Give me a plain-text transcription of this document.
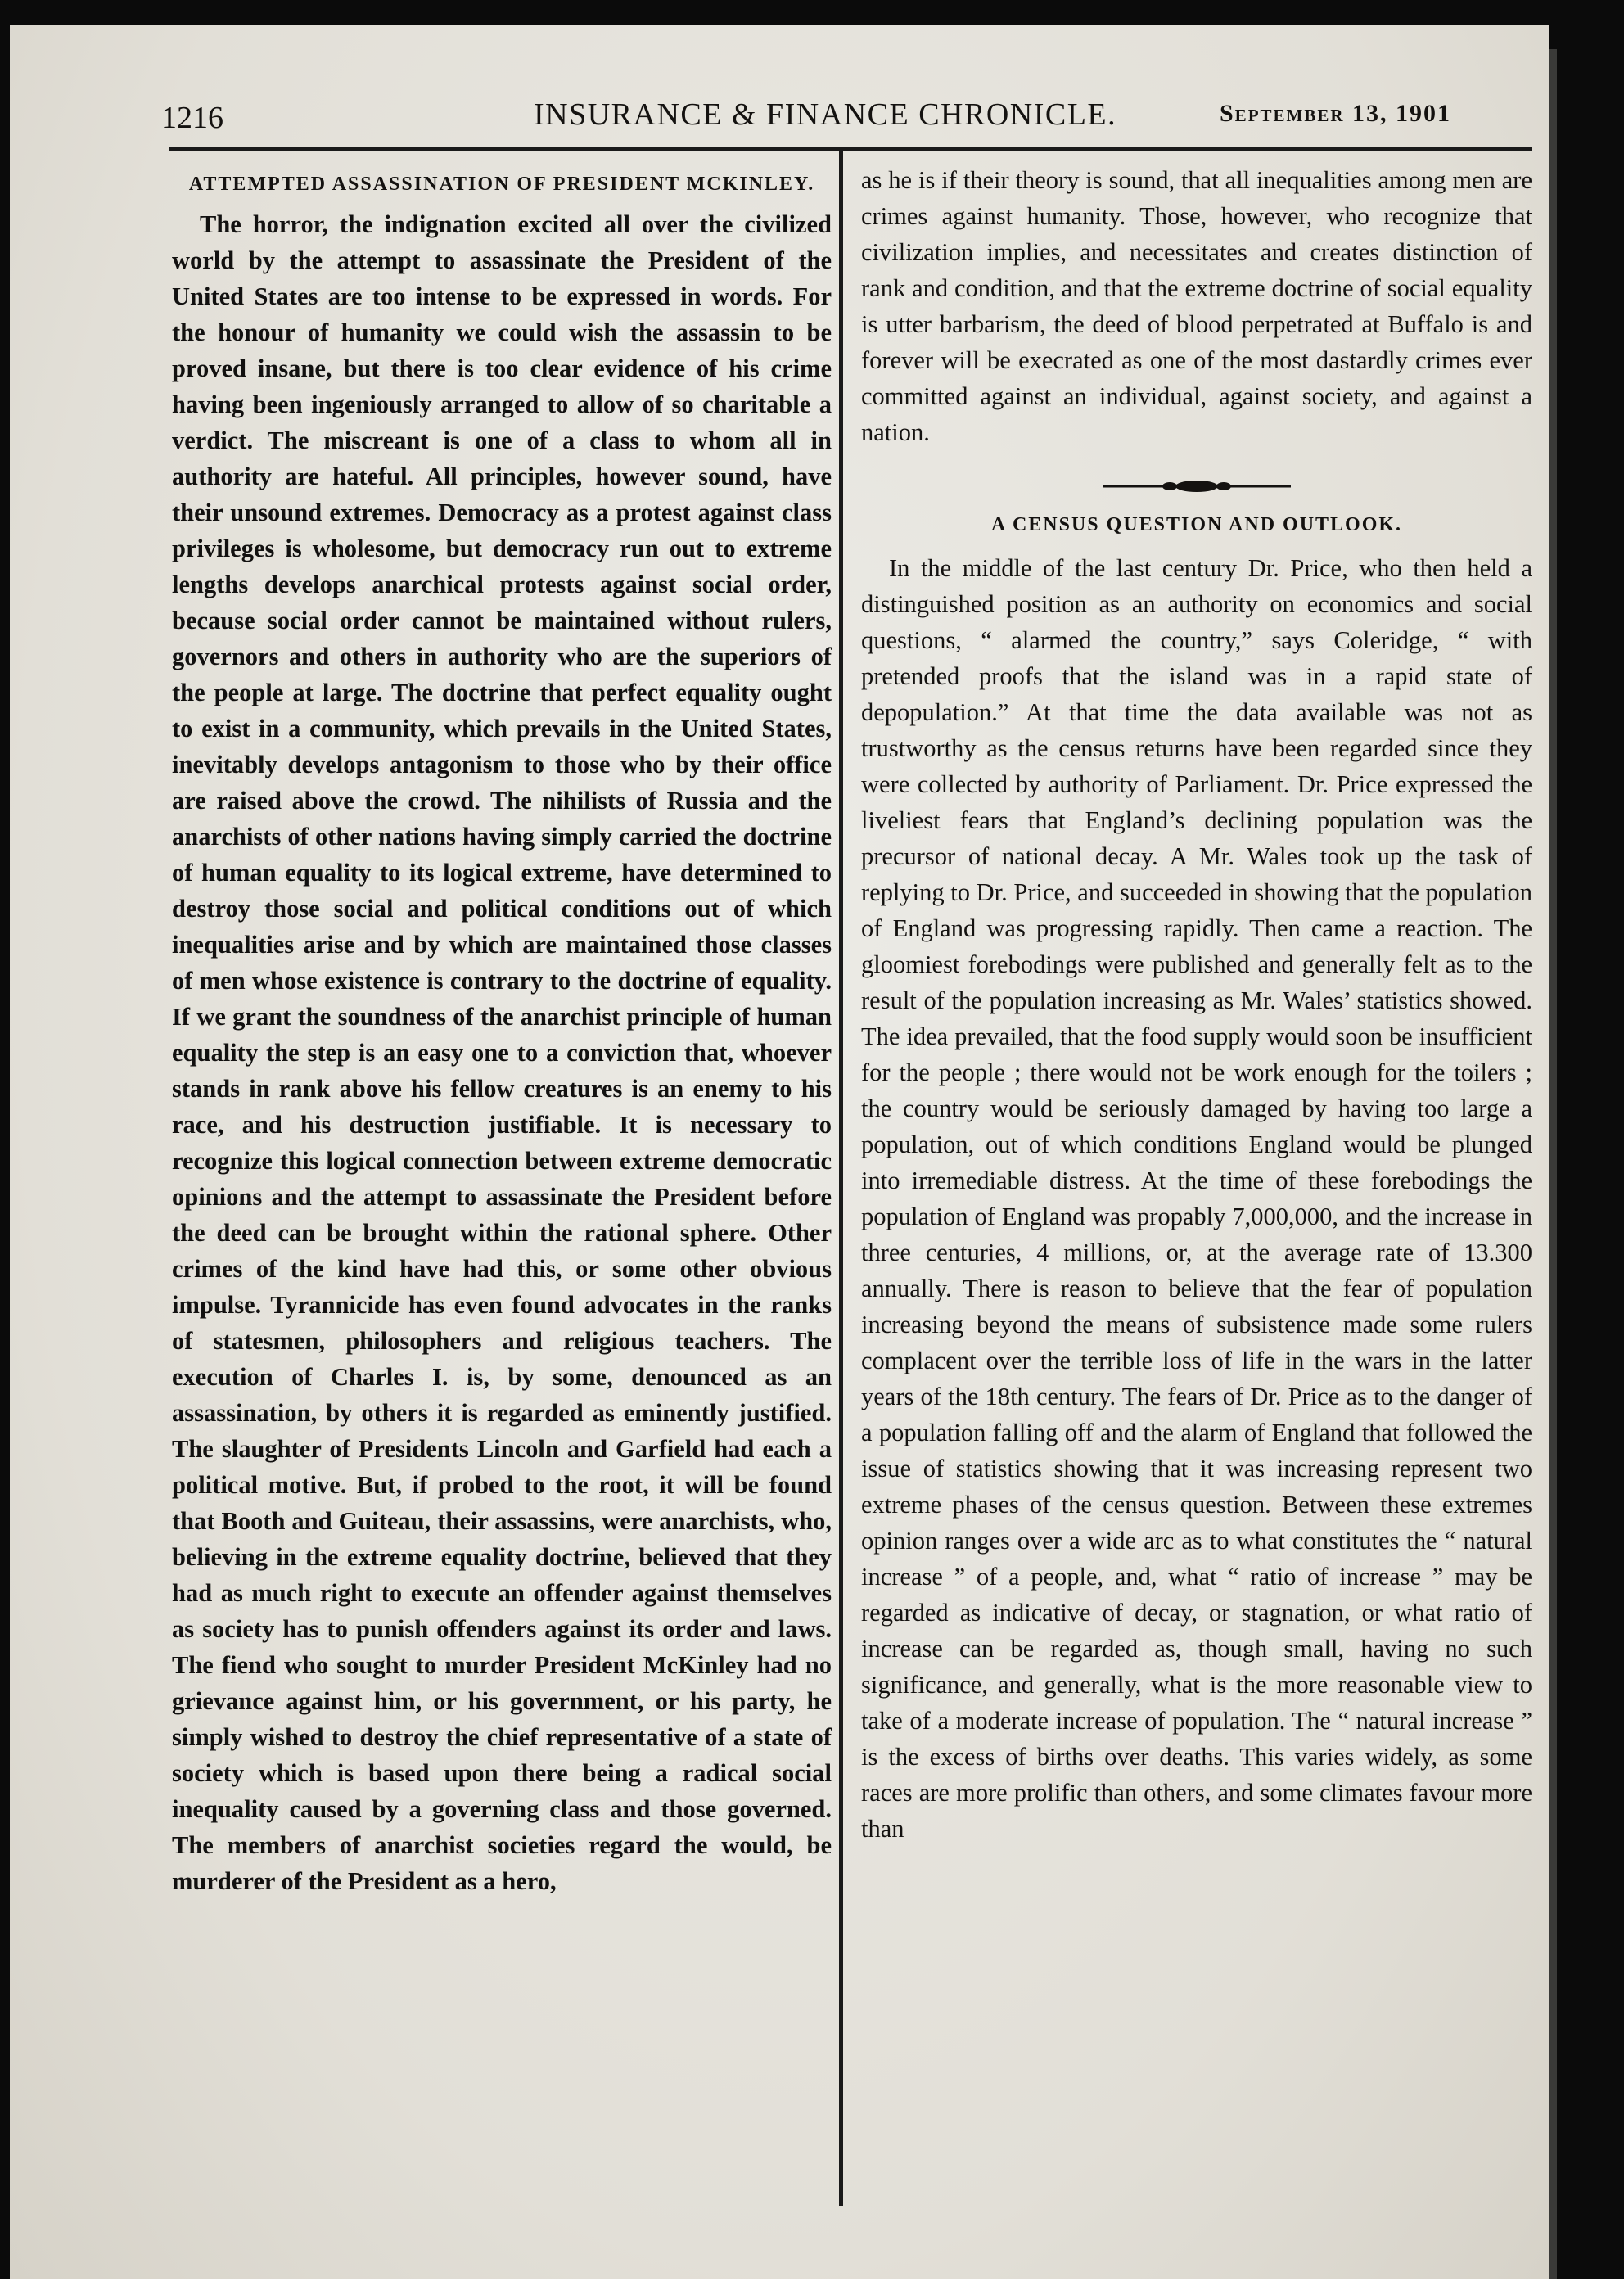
1216	INSURANCE & FINANCE CHRONICLE.	September 13, 1901
ATTEMPTED ASSASSINATION OF PRESIDENT MCKINLEY.

The horror, the indignation excited all over the civilized world by the attempt to assassinate the President of the United States are too intense to be expressed in words. For the honour of humanity we could wish the assassin to be proved insane, but there is too clear evidence of his crime having been ingeniously arranged to allow of so charitable a verdict. The miscreant is one of a class to whom all in authority are hateful. All principles, however sound, have their unsound extremes. Democracy as a protest against class privileges is wholesome, but democracy run out to extreme lengths develops anarchical protests against social order, because social order cannot be maintained without rulers, governors and others in authority who are the superiors of the people at large. The doctrine that perfect equality ought to exist in a community, which prevails in the United States, inevitably develops antagonism to those who by their office are raised above the crowd. The nihilists of Russia and the anarchists of other nations having simply carried the doctrine of human equality to its logical extreme, have determined to destroy those social and political conditions out of which inequalities arise and by which are maintained those classes of men whose existence is contrary to the doctrine of equality. If we grant the soundness of the anarchist principle of human equality the step is an easy one to a conviction that, whoever stands in rank above his fellow creatures is an enemy to his race, and his destruction justifiable. It is necessary to recognize this logical connection between extreme democratic opinions and the attempt to assassinate the President before the deed can be brought within the rational sphere. Other crimes of the kind have had this, or some other obvious impulse. Tyrannicide has even found advocates in the ranks of statesmen, philosophers and religious teachers. The execution of Charles I. is, by some, denounced as an assassination, by others it is regarded as eminently justified. The slaughter of Presidents Lincoln and Garfield had each a political motive. But, if probed to the root, it will be found that Booth and Guiteau, their assassins, were anarchists, who, believing in the extreme equality doctrine, believed that they had as much right to execute an offender against themselves as society has to punish offenders against its order and laws. The fiend who sought to murder President McKinley had no grievance against him, or his government, or his party, he simply wished to destroy the chief representative of a state of society which is based upon there being a radical social inequality caused by a governing class and those governed. The members of anarchist societies regard the would, be murderer of the President as a hero,

as he is if their theory is sound, that all inequalities among men are crimes against humanity. Those, however, who recognize that civilization implies, and necessitates and creates distinction of rank and condition, and that the extreme doctrine of social equality is utter barbarism, the deed of blood perpetrated at Buffalo is and forever will be execrated as one of the most dastardly crimes ever committed against an individual, against society, and against a nation.

A CENSUS QUESTION AND OUTLOOK.

In the middle of the last century Dr. Price, who then held a distinguished position as an authority on economics and social questions, “ alarmed the country,” says Coleridge, “ with pretended proofs that the island was in a rapid state of depopulation.” At that time the data available was not as trustworthy as the census returns have been regarded since they were collected by authority of Parliament. Dr. Price expressed the liveliest fears that England’s declining population was the precursor of national decay. A Mr. Wales took up the task of replying to Dr. Price, and succeeded in showing that the population of England was progressing rapidly. Then came a reaction. The gloomiest forebodings were published and generally felt as to the result of the population increasing as Mr. Wales’ statistics showed. The idea prevailed, that the food supply would soon be insufficient for the people ; there would not be work enough for the toilers ; the country would be seriously damaged by having too large a population, out of which conditions England would be plunged into irremediable distress. At the time of these forebodings the population of England was propably 7,000,000, and the increase in three centuries, 4 millions, or, at the average rate of 13.300 annually. There is reason to believe that the fear of population increasing beyond the means of subsistence made some rulers complacent over the terrible loss of life in the wars in the latter years of the 18th century. The fears of Dr. Price as to the danger of a population falling off and the alarm of England that followed the issue of statistics showing that it was increasing represent two extreme phases of the census question. Between these extremes opinion ranges over a wide arc as to what constitutes the “ natural increase ” of a people, and, what “ ratio of increase ” may be regarded as indicative of decay, or stagnation, or what ratio of increase can be regarded as, though small, having no such significance, and generally, what is the more reasonable view to take of a moderate increase of population. The “ natural increase ” is the excess of births over deaths. This varies widely, as some races are more prolific than others, and some climates favour more than
